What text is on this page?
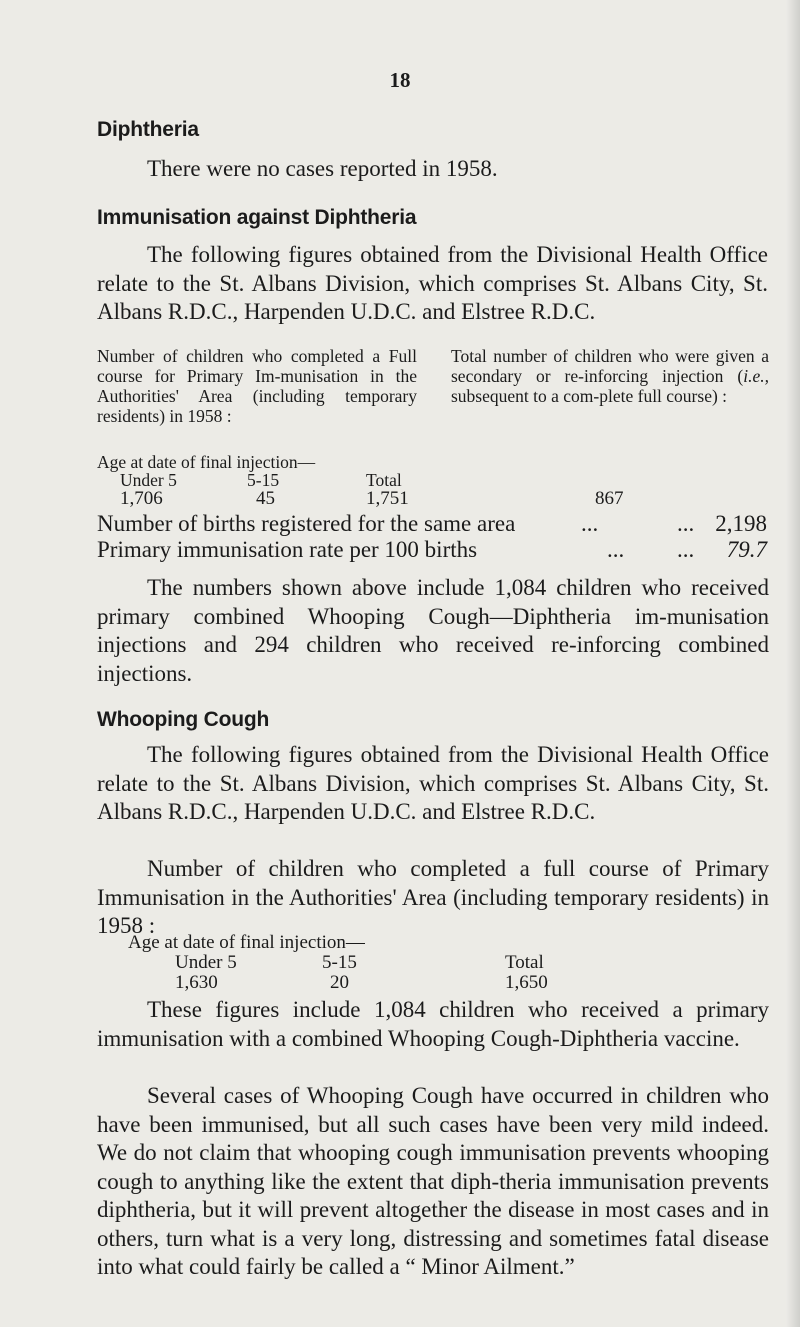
18
Diphtheria
There were no cases reported in 1958.
Immunisation against Diphtheria
The following figures obtained from the Divisional Health Office relate to the St. Albans Division, which comprises St. Albans City, St. Albans R.D.C., Harpenden U.D.C. and Elstree R.D.C.
Number of children who completed a Full course for Primary Im-munisation in the Authorities' Area (including temporary residents) in 1958 :
Total number of children who were given a secondary or re-inforcing injection (i.e., subsequent to a com-plete full course) :
Age at date of final injection—
Under 5	5-15	Total
1,706	45	1,751	867
Number of births registered for the same area	...	... 2,198
Primary immunisation rate per 100 births	... ...	79.7
The numbers shown above include 1,084 children who received primary combined Whooping Cough—Diphtheria im-munisation injections and 294 children who received re-inforcing combined injections.
Whooping Cough
The following figures obtained from the Divisional Health Office relate to the St. Albans Division, which comprises St. Albans City, St. Albans R.D.C., Harpenden U.D.C. and Elstree R.D.C.
Number of children who completed a full course of Primary Immunisation in the Authorities' Area (including temporary residents) in 1958 :
Age at date of final injection—
Under 5	5-15	Total
1,630	20	1,650
These figures include 1,084 children who received a primary immunisation with a combined Whooping Cough-Diphtheria vaccine.
Several cases of Whooping Cough have occurred in children who have been immunised, but all such cases have been very mild indeed. We do not claim that whooping cough immunisation prevents whooping cough to anything like the extent that diph-theria immunisation prevents diphtheria, but it will prevent altogether the disease in most cases and in others, turn what is a very long, distressing and sometimes fatal disease into what could fairly be called a “ Minor Ailment.”
